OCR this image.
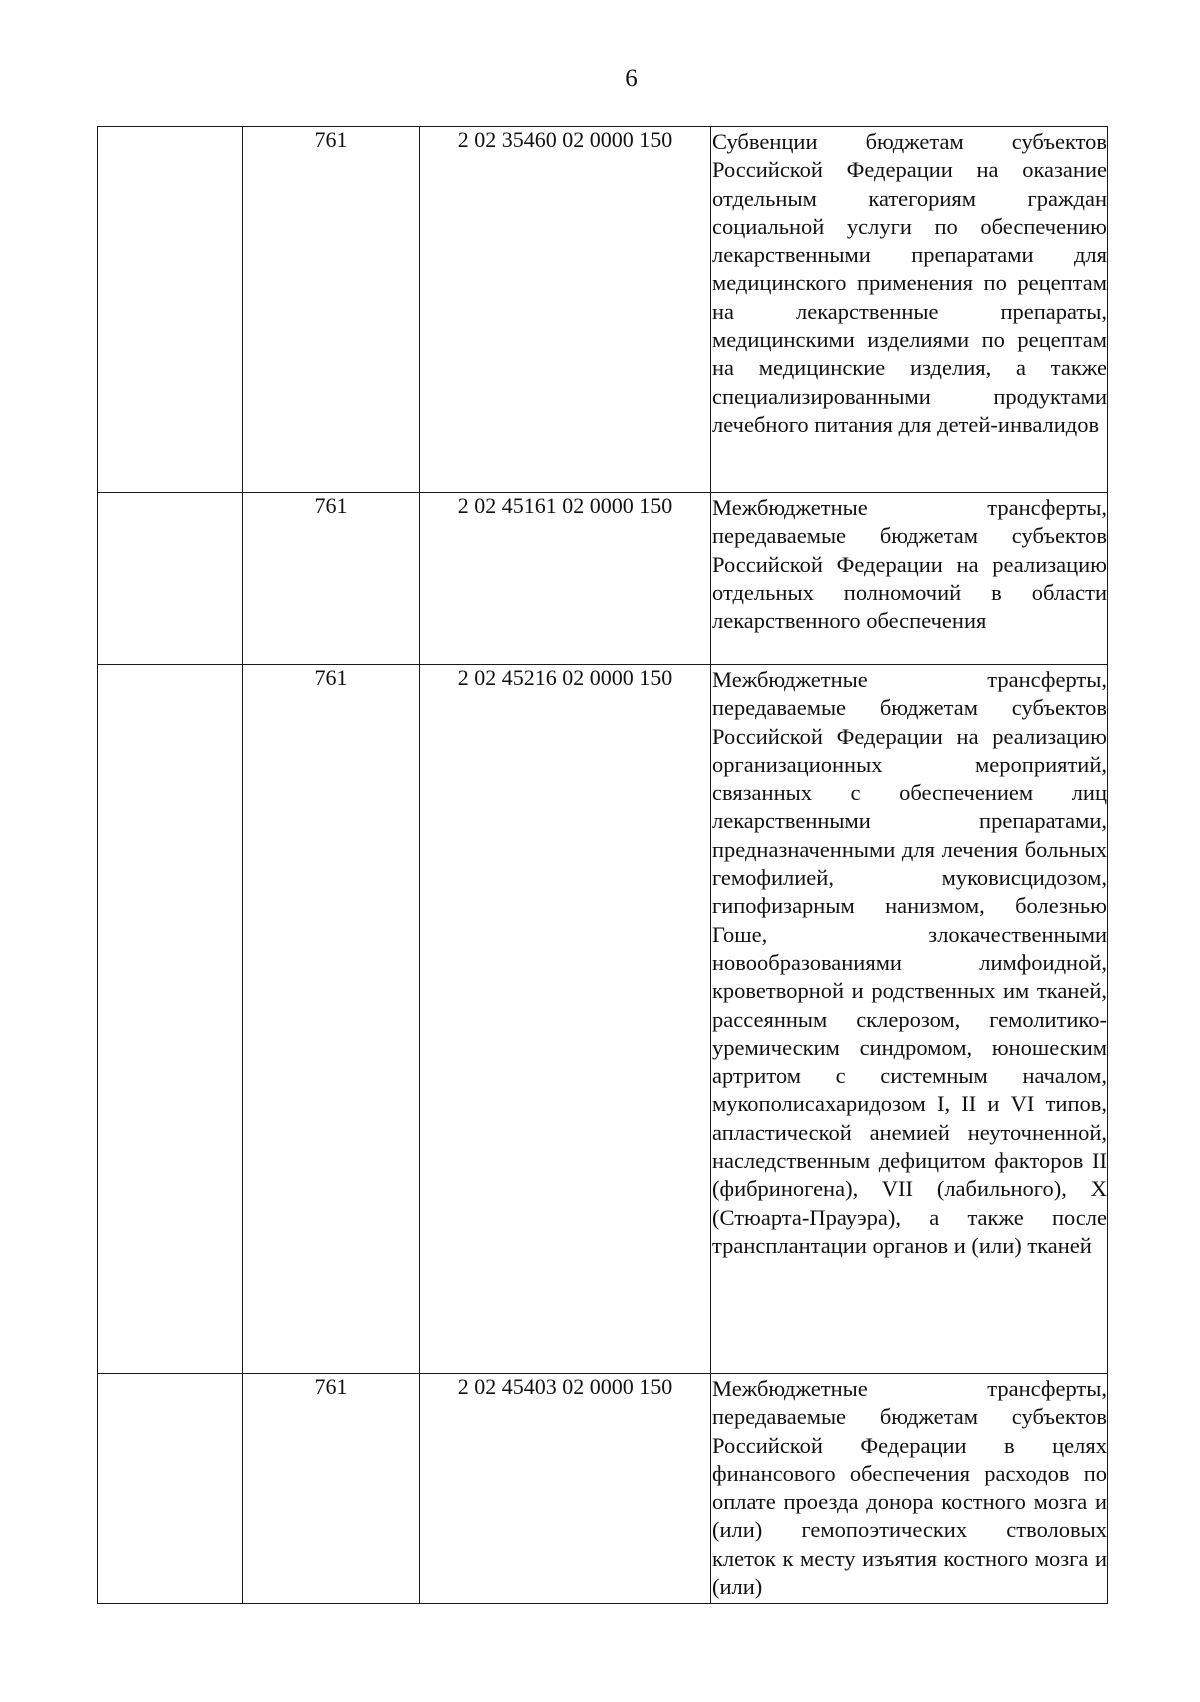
6
	761	2 02 35460 02 0000 150	Субвенции бюджетам субъектов Российской Федерации на оказание отдельным категориям граждан социальной услуги по обеспечению лекарственными препаратами для медицинского применения по рецептам на лекарственные препараты, медицинскими изделиями по рецептам на медицинские изделия, а также специализированными продуктами лечебного питания для детей-инвалидов

	761	2 02 45161 02 0000 150	Межбюджетные трансферты, передаваемые бюджетам субъектов Российской Федерации на реализацию отдельных полномочий в области лекарственного обеспечения

	761	2 02 45216 02 0000 150	Межбюджетные трансферты, передаваемые бюджетам субъектов Российской Федерации на реализацию организационных мероприятий, связанных с обеспечением лиц лекарственными препаратами, предназначенными для лечения больных гемофилией, муковисцидозом, гипофизарным нанизмом, болезнью Гоше, злокачественными новообразованиями лимфоидной, кроветворной и родственных им тканей, рассеянным склерозом, гемолитико-уремическим синдромом, юношеским артритом с системным началом, мукополисахаридозом I, II и VI типов, апластической анемией неуточненной, наследственным дефицитом факторов II (фибриногена), VII (лабильного), X (Стюарта-Прауэра), а также после трансплантации органов и (или) тканей

	761	2 02 45403 02 0000 150	Межбюджетные трансферты, передаваемые бюджетам субъектов Российской Федерации в целях финансового обеспечения расходов по оплате проезда донора костного мозга и (или) гемопоэтических стволовых клеток к месту изъятия костного мозга и (или)
